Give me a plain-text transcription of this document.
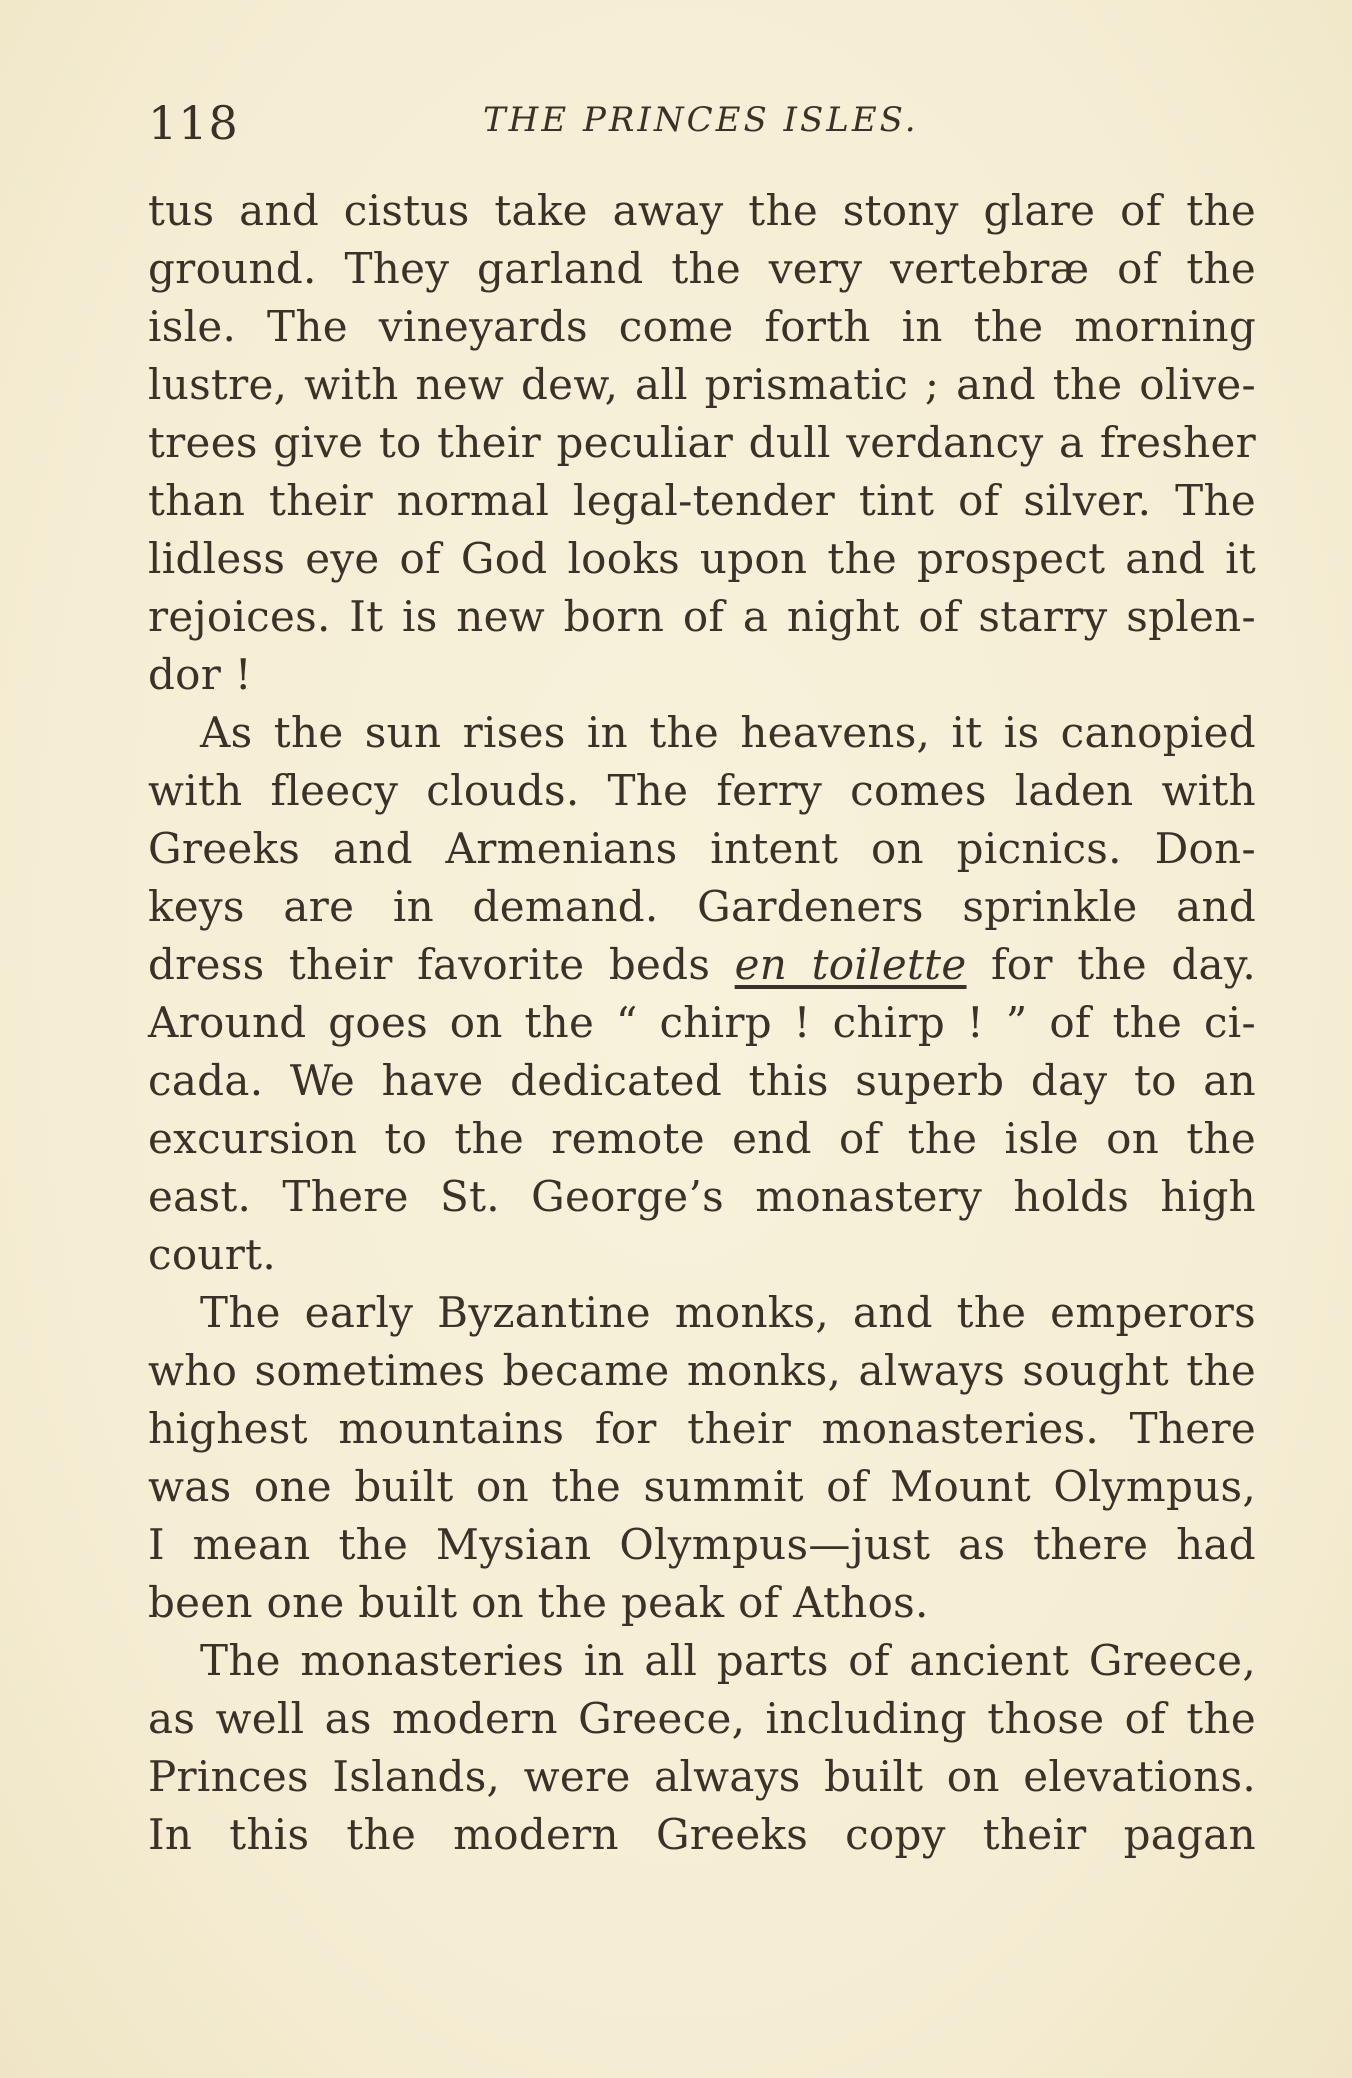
118	THE PRINCES ISLES.
tus and cistus take away the stony glare of the
ground. They garland the very vertebræ of the
isle. The vineyards come forth in the morning
lustre, with new dew, all prismatic ; and the olive-
trees give to their peculiar dull verdancy a fresher
than their normal legal-tender tint of silver. The
lidless eye of God looks upon the prospect and it
rejoices. It is new born of a night of starry splen-
dor !
As the sun rises in the heavens, it is canopied
with fleecy clouds. The ferry comes laden with
Greeks and Armenians intent on picnics. Don-
keys are in demand. Gardeners sprinkle and
dress their favorite beds en toilette for the day.
Around goes on the “ chirp ! chirp ! ” of the ci-
cada. We have dedicated this superb day to an
excursion to the remote end of the isle on the
east. There St. George’s monastery holds high
court.
The early Byzantine monks, and the emperors
who sometimes became monks, always sought the
highest mountains for their monasteries. There
was one built on the summit of Mount Olympus,
I mean the Mysian Olympus—just as there had
been one built on the peak of Athos.
The monasteries in all parts of ancient Greece,
as well as modern Greece, including those of the
Princes Islands, were always built on elevations.
In this the modern Greeks copy their pagan
